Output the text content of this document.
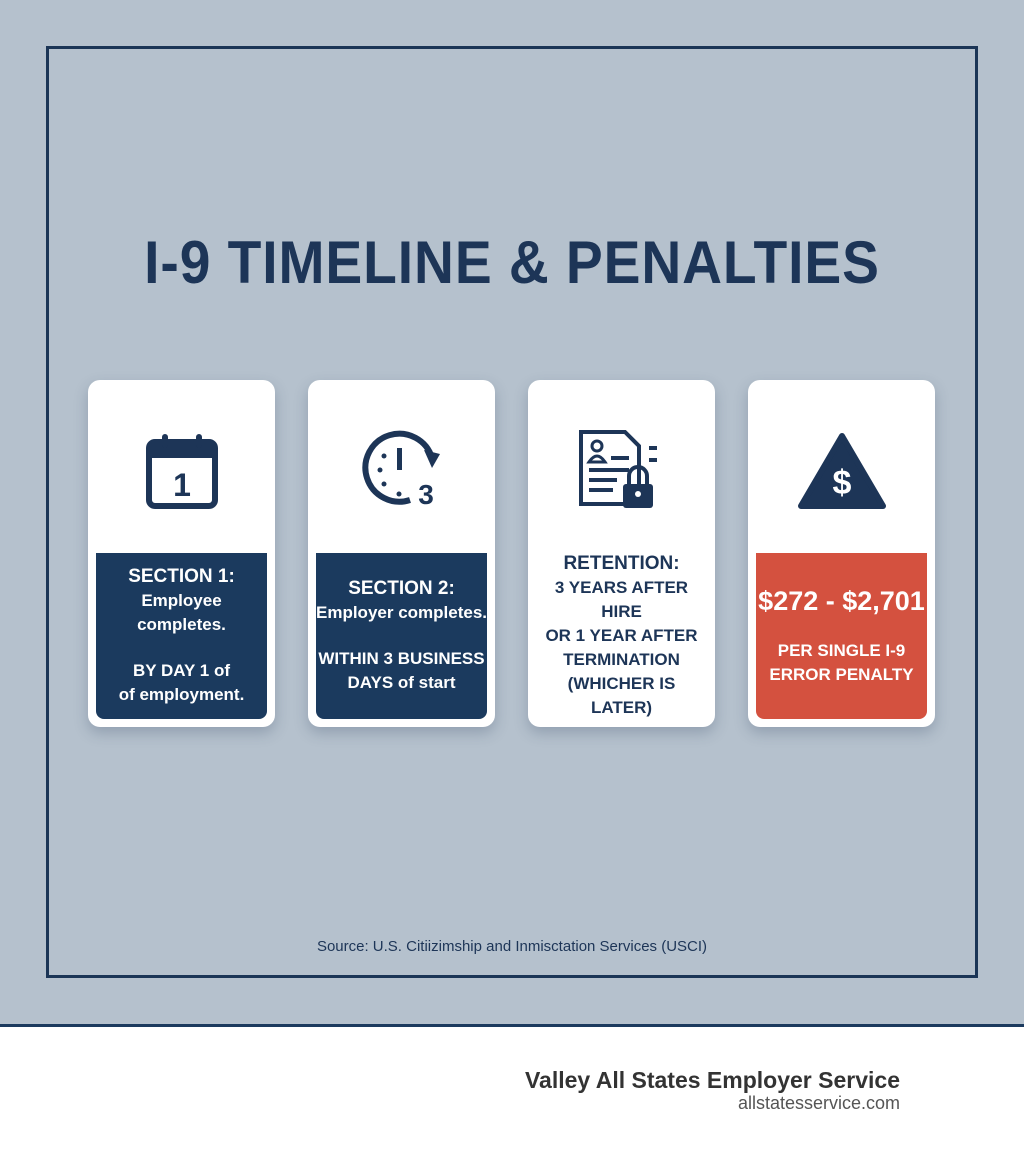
I-9 TIMELINE & PENALTIES
1
SECTION 1:
Employee completes.
BY DAY 1 of
of employment.
3
SECTION 2:
Employer completes.
WITHIN 3 BUSINESS
DAYS of start
RETENTION:
3 YEARS AFTER HIRE
OR 1 YEAR AFTER
TERMINATION
(WHICHER IS LATER)
$
$272 - $2,701
PER SINGLE I-9
ERROR PENALTY
Source: U.S. Citiizimship and Inmisctation Services (USCI)
Valley All States Employer Service
allstatesservice.com
